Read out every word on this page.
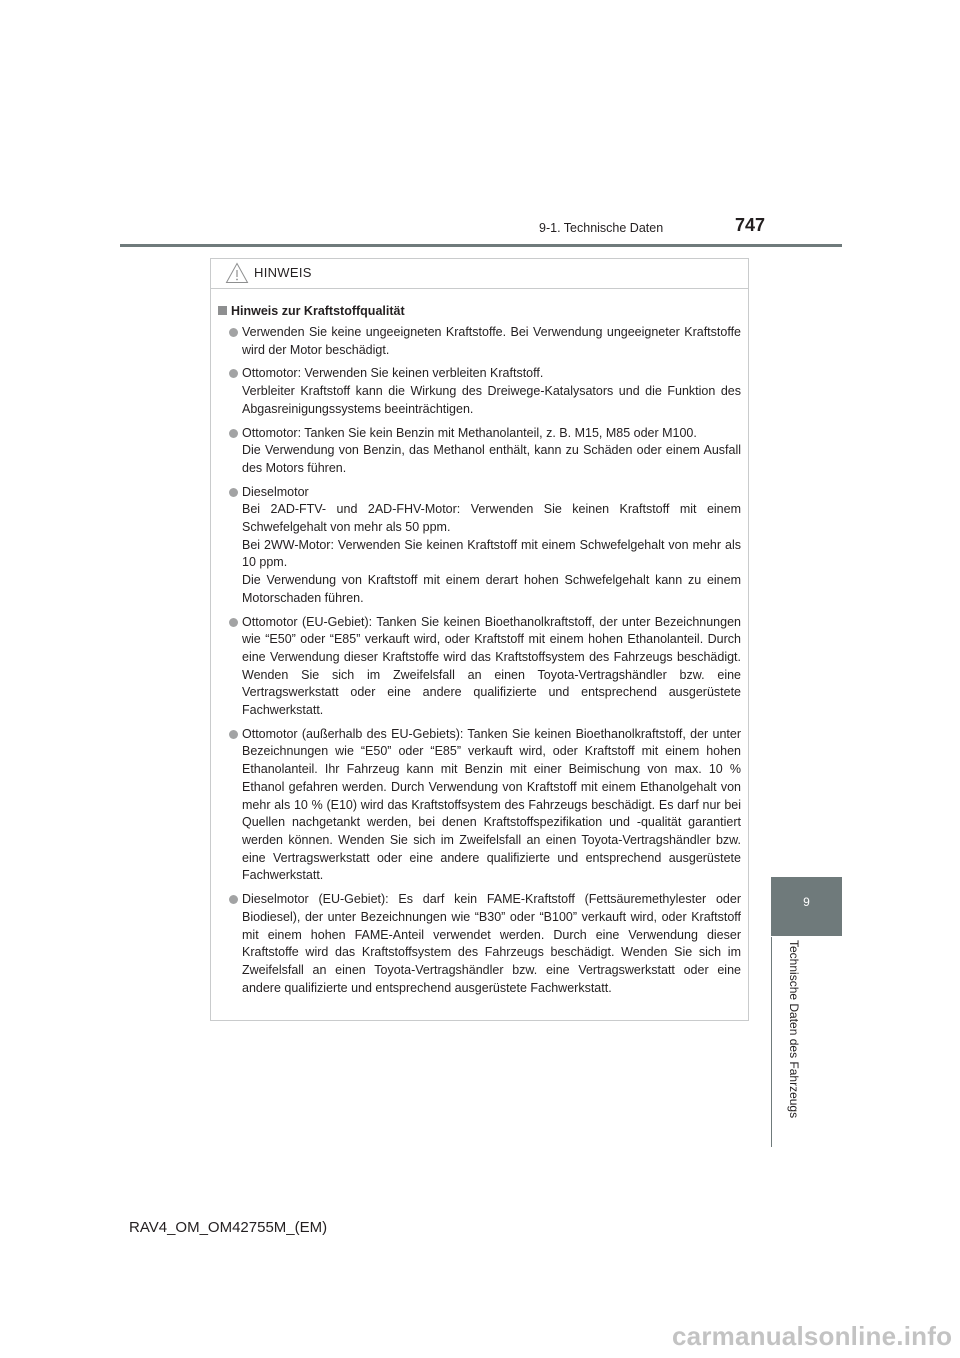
9-1. Technische Daten	747
9
Technische Daten des Fahrzeugs
HINWEIS
Hinweis zur Kraftstoffqualität

Verwenden Sie keine ungeeigneten Kraftstoffe. Bei Verwendung ungeeigneter Kraftstoffe wird der Motor beschädigt.

Ottomotor: Verwenden Sie keinen verbleiten Kraftstoff.

Verbleiter Kraftstoff kann die Wirkung des Dreiwege-Katalysators und die Funktion des Abgasreinigungssystems beeinträchtigen.

Ottomotor: Tanken Sie kein Benzin mit Methanolanteil, z. B. M15, M85 oder M100.

Die Verwendung von Benzin, das Methanol enthält, kann zu Schäden oder einem Ausfall des Motors führen.

Dieselmotor

Bei 2AD-FTV- und 2AD-FHV-Motor: Verwenden Sie keinen Kraftstoff mit einem Schwefelgehalt von mehr als 50 ppm.

Bei 2WW-Motor: Verwenden Sie keinen Kraftstoff mit einem Schwefelgehalt von mehr als 10 ppm.

Die Verwendung von Kraftstoff mit einem derart hohen Schwefelgehalt kann zu einem Motorschaden führen.

Ottomotor (EU-Gebiet): Tanken Sie keinen Bioethanolkraftstoff, der unter Bezeichnungen wie “E50” oder “E85” verkauft wird, oder Kraftstoff mit einem hohen Ethanolanteil. Durch eine Verwendung dieser Kraftstoffe wird das Kraftstoffsystem des Fahrzeugs beschädigt. Wenden Sie sich im Zweifelsfall an einen Toyota-Vertragshändler bzw. eine Vertragswerkstatt oder eine andere qualifizierte und entsprechend ausgerüstete Fachwerkstatt.

Ottomotor (außerhalb des EU-Gebiets): Tanken Sie keinen Bioethanolkraftstoff, der unter Bezeichnungen wie “E50” oder “E85” verkauft wird, oder Kraftstoff mit einem hohen Ethanolanteil. Ihr Fahrzeug kann mit Benzin mit einer Beimischung von max. 10 % Ethanol gefahren werden. Durch Verwendung von Kraftstoff mit einem Ethanolgehalt von mehr als 10 % (E10) wird das Kraftstoffsystem des Fahrzeugs beschädigt. Es darf nur bei Quellen nachgetankt werden, bei denen Kraftstoffspezifikation und -qualität garantiert werden können. Wenden Sie sich im Zweifelsfall an einen Toyota-Vertragshändler bzw. eine Vertragswerkstatt oder eine andere qualifizierte und entsprechend ausgerüstete Fachwerkstatt.

Dieselmotor (EU-Gebiet): Es darf kein FAME-Kraftstoff (Fettsäuremethylester oder Biodiesel), der unter Bezeichnungen wie “B30” oder “B100” verkauft wird, oder Kraftstoff mit einem hohen FAME-Anteil verwendet werden. Durch eine Verwendung dieser Kraftstoffe wird das Kraftstoffsystem des Fahrzeugs beschädigt. Wenden Sie sich im Zweifelsfall an einen Toyota-Vertragshändler bzw. eine Vertragswerkstatt oder eine andere qualifizierte und entsprechend ausgerüstete Fachwerkstatt.

RAV4_OM_OM42755M_(EM)
carmanualsonline.info
